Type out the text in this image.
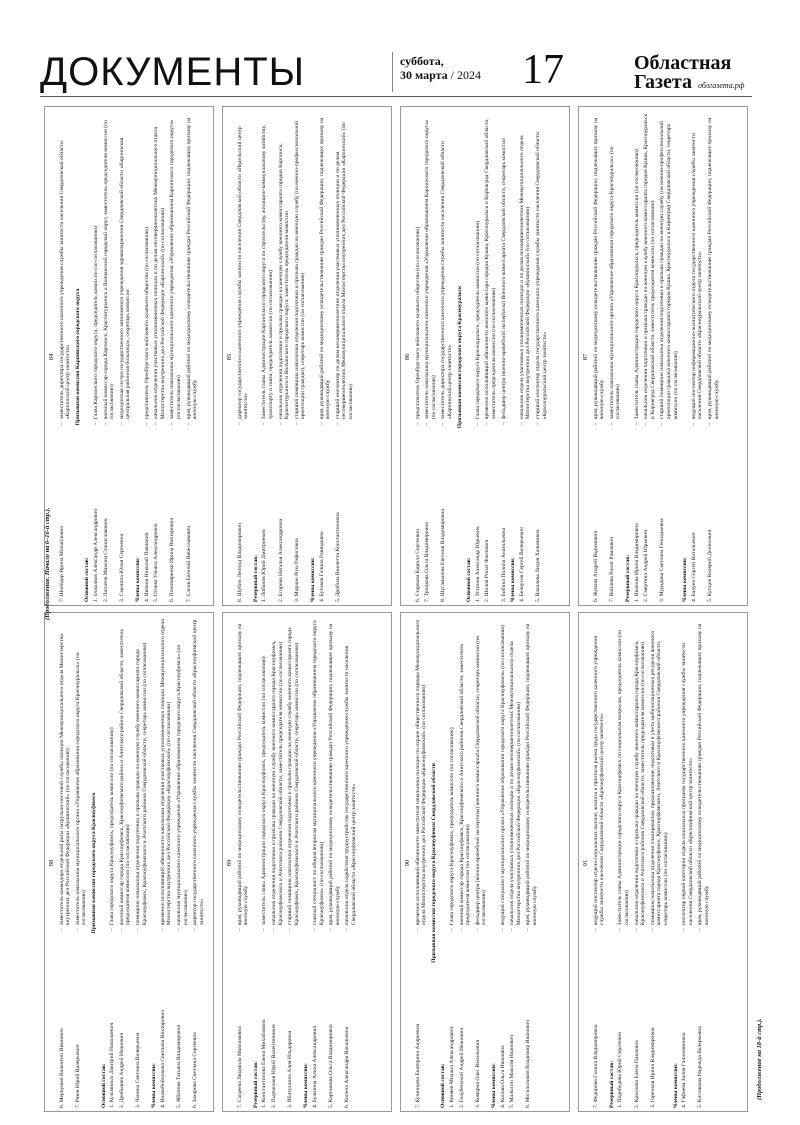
ДОКУМЕНТЫ	суббота,
30 марта / 2024 17	Областная
Газета облгазета.рф
84
7. Шнейдер Ирина Михайловна
– заместитель директора государственного казенного учреждения службы занятости населения Свердловской области «Карпинский центр занятости» Призывная комиссия Карпинского городского округа
Основной состав: 1. Осколков Александр Александрович
– Глава Карпинского городского округа, председатель комиссии (по согласованию)
2. Липатов Максим Станиславович
– военный комиссар города Карпинск, Краснотурьинск и Волчанский городской округ, заместитель председателя комиссии (по согласованию)
3. Смолина Юлия Сергеевна
– медицинская сестра государственного автономного учреждения здравоохранения Свердловской области «Карпинская центральная районная больница», секретарь комиссии
Члены комиссии: 4. Иванов Николай Павлович
– представитель Оренбургского войскового казачьего общества (по согласованию)
5. Огнева Ульяна Александровна
– начальник отделения участковых уполномоченных полиции и по делам несовершеннолетних Межмуниципального отдела Министерства внутренних дел Российской Федерации «Карпинский» (по согласованию)
6. Пономаренко Ирина Викторовна
– заместитель начальника муниципального казенного учреждения «Управление образованием Карпинского городского округа» (по согласованию)
7. Сапов Евгений Вячеславович
– врач, руководящий работой по медицинскому освидетельствованию граждан Российской Федерации, подлежащих призыву на военную службу
85
8. Шубин Леонид Владимирович
– директор государственного казенного учреждения службы занятости населения Свердловской области «Ивдельский центр занятости»
Резервный состав: 1. Лобанов Юрий Дмитриевич
– Заместитель главы Администрации Карпинского городского округа по строительству, жилищно-коммунальному хозяйству, транспорту и связи, председатель комиссии (по согласованию)
2. Егорова Наталья Александровна
– начальник отделения подготовки и призыва граждан на военную службу военного комиссариата городов Карпинск, Краснотурьинск и Волчанского городского округа, заместитель председателя комиссии
3. Мирное Роза Рафисовна
– старший помощник начальника отделения подготовки и призыва граждан на военную службу (по военно-профессиональной ориентации граждан), секретарь комиссии (по согласованию)
Члены комиссии: 4. Бутаков Галина Рашидовна
– врач, руководящий работой по медицинскому освидетельствованию граждан Российской Федерации, подлежащих призыву на военную службу
5. Дробиза Виолетта Константиновна
– старший инспектор по делам несовершеннолетних отделения участковых уполномоченных полиции и по делам несовершеннолетних Межмуниципального отдела Министерства внутренних дел Российской Федерации «Карпинский» (по согласованию)
86
6. Старкова Кирилл Сергеевич
– представитель Оренбургского войскового казачьего общества (по согласованию)
7. Троцкова Ольга Владимировна
– заместитель начальника муниципального казенного учреждения «Управление образованием Карпинского городского округа» (по согласованию)
8. Шугаманова Евгения Владимировна
– заместитель директора государственного казенного учреждения службы занятости населения Свердловской области «Карпинский центр занятости» Призывная комиссия городского округа Красноуральск
Основной состав: 1. Устинов Александр Юрьевич
– Глава городского округа Красноуральск, председатель комиссии (по согласованию)
2. Шилов Ринат Фаизович
– временно исполняющий обязанности военного комиссара городов Кушва, Красноуральск и Кировград Свердловской области, заместитель председателя комиссии (по согласованию)
3. Бобина Полина Анатольевна
– фельдшер центра (военно-врачебной экспертизы) Военного комиссариата Свердловской области, секретарь комиссии
Члены комиссии: 4. Белоусов Сергей Валерьевич
– начальник отдела участковых уполномоченных полиции и по делам несовершеннолетних Межмуниципального отдела Министерства внутренних дел Российской Федерации «Кушвинский» (по согласованию)
5. Вахалова Лидия Халимовна
– старший инспектор отдела государственного казенного учреждения службы занятости населения Свердловской области «Красноуральский центр занятости»	87
6. Жукова Андрей Вадимович
– врач, руководящий работой по медицинскому освидетельствованию граждан Российской Федерации, подлежащих призыву на военную службу
7. Войлова Ринат Рамзович
– заместитель начальника муниципального органа «Управление образования городского округа Красноуральск» (по согласованию)
Резервный состав: 1. Иванова Ирина Владимировна
– Заместитель главы Администрации городского округа Красноуральск, председатель комиссии (по согласованию)
2. Смертина Андрей Юрьевич
– начальник отделения подготовки и призыва граждан на военную службу военного комиссариата городов Кушва, Красноуральск и Кировград Свердловской области, заместитель председателя комиссии (по согласованию)
3. Мурадова Светлана Геннадьевна
– старший помощник начальника отделения подготовки и призыва граждан на военную службу (по военно-профессиональной ориентации граждан) военного комиссариата городов Кушва, Красноуральск и Кировград Свердловской области, секретарь комиссии (по согласованию)
Члены комиссии: 4. Балуев Сергей Витальевич
– ведущий инспектор информационно-аналитического отдела государственного казенного учреждения службы занятости населения Свердловской области «Красноуральский центр занятости»
5. Купцов Валерий Денисович
– врач, руководящий работой по медицинскому освидетельствованию граждан Российской Федерации, подлежащих призыву на военную службу
88
6. Меркушев Валентин Иванович
– заместитель командира отдельной роты патрульно-постовой службы полиции Межмуниципального отдела Министерства внутренних дел Российской Федерации «Кушвинский» (по согласованию)
7. Рязев Юрий Валерьевич
– заместитель начальника муниципального органа «Управление образования городского округа Красноуральск» (по согласованию) Призывная комиссия городского округа Красноуфимск
Основной состав: 1. Кузьминых Дмитрий Николаевич
– Глава городского округа Красноуфимск, председатель комиссии (по согласованию)
2. Дробышев Андрей Иванович
– военный комиссар города Красноуфимск, Красноуфимского района и Ачитского района Свердловской области, заместитель председателя комиссии (по согласованию)
3. Чанина Светлана Валерьевна
– помощник начальника отделения подготовки и призыва граждан на военную службу военного комиссариата города Красноуфимск, Красноуфимского и Ачитского районов Свердловской области, секретарь комиссии (по согласованию)
Члены комиссии: 4. Волкобойникова Светлана Викторовна
– временно исполняющий обязанности начальника отделения участковых уполномоченных полиции Межмуниципального отдела Министерства внутренних дел Российской Федерации «Красноуфимский» (по согласованию)
5. Жбанова Татьяна Владимировна
– начальник муниципального казенного учреждения «Управление образованием городского округа Красноуфимск» (по согласованию)
6. Захарова Светлана Сергеевна
– директор государственного казенного учреждения службы занятости населения Свердловской области «Красноуфимский центр занятости»
89
7. Сагдеева Людмила Максимовна
– врач, руководящий работой по медицинскому освидетельствованию граждан Российской Федерации, подлежащих призыву на военную службу
Резервный состав: 1. Константинова Елена Михайловна
– заместитель главы Администрации городского округа Красноуфимск, председатель комиссии (по согласованию)
2. Пырченков Юрий Валентинович
– начальник отделения подготовки и призыва граждан на военную службу военного комиссариата города Красноуфимск, Красноуфимского и Ачитского районов Свердловской области, заместитель председателя комиссии (по согласованию)
3. Ибатуллина Алия Ильдаровна
– старший помощник начальника отделения подготовки и призыва граждан на военную службу военного комиссариата города Красноуфимск, Красноуфимского и Ачитского районов Свердловской области, секретарь комиссии (по согласованию)
Члены комиссии: 4. Бульчина Алина Александровна
– главный специалист по общим вопросам муниципального казенного учреждения «Управление образованием городского округа Красноуфимск» (по согласованию)
5. Карташова Ольга Владимировна
– врач, руководящий работой по медицинскому освидетельствованию граждан Российской Федерации, подлежащих призыву на военную службу
6. Копена Александра Васильевна
– начальник отдела содействия трудоустройству государственного казенного учреждения службы занятости населения Свердловской области «Красноуфимский центр занятости»	90
7. Кучинцева Екатерина Андреевна
– временно исполняющий обязанности заместителя начальника полиции по охране общественного порядка Межмуниципального отдела Министерства внутренних дел Российской Федерации «Красноуфимский» (по согласованию) Призывная комиссия городского округа Красноуфимск Свердловской области
Основной состав: 1. Коняев Михаил Александрович
– Глава городского округа Красноуфимск, председатель комиссии (по согласованию)
2. Голубенский Андрей Иванович
– военный комиссар города Красноуфимск, Красноуфимского и Ачитского районов Свердловской области, заместитель председателя комиссии (по согласованию)
3. Комаров Олег Васильевич
– фельдшер центра (военно-врачебной экспертизы) военного комиссариата Свердловской области, секретарь комиссии (по согласованию)
Члены комиссии: 4. Копова Ольга Ивановна
– ведущий специалист муниципального органа «Управление образования городского округа Красноуфимск» (по согласованию)
5. Малыгин Максим Иванович
– начальник отдела участковых уполномоченных полиции и по делам несовершеннолетних Межмуниципального отдела Министерства внутренних дел Российской Федерации «Красноуфимский» (по согласованию)
6. Могильников Владимир Иванович
– врач, руководящий работой по медицинскому освидетельствованию граждан Российской Федерации, подлежащих призыву на военную службу
91
7. Федорова Галина Владимировна
– ведущий инспектор отдела социальных выплат, анализа и прогноза рынка труда государственного казенного учреждения службы занятости населения Свердловской области «Красноуфимский центр занятости»
Резервный состав: 1. Подобедова Юрий Сергеевич
– Заместитель главы Администрации городского округа Красноуфимск по социальным вопросам, председатель комиссии (по согласованию)
2. Краснова Елена Павловна
– начальник отделения подготовки и призыва граждан на военную службу военного комиссариата города Красноуфимск, Красноуфимского и Ачитского районов Свердловской области, заместитель председателя комиссии (по согласованию)
3. Горенков Ирина Владимировна
– помощник начальника отделения планирования, предназначения, подготовки и учета мобилизационных ресурсов военного комиссариата города Красноуфимск, Красноуфимского, Ачитского и Красноуфимского районов Свердловской области, секретарь комиссии (по согласованию)
Члены комиссии: 4. Гафиева Залия Галимзяновна
– инспектор первой категории отдела социальных программ государственного казенного учреждения службы занятости населения Свердловской области «Красноуфимский центр занятости»
5. Кислякова Надежда Валерьевна
– врач, руководящий работой по медицинскому освидетельствованию граждан Российской Федерации, подлежащих призыву на военную службу
(Продолжение. Начало на 6–16-й стр.).
(Продолжение на 18-й стр.).
